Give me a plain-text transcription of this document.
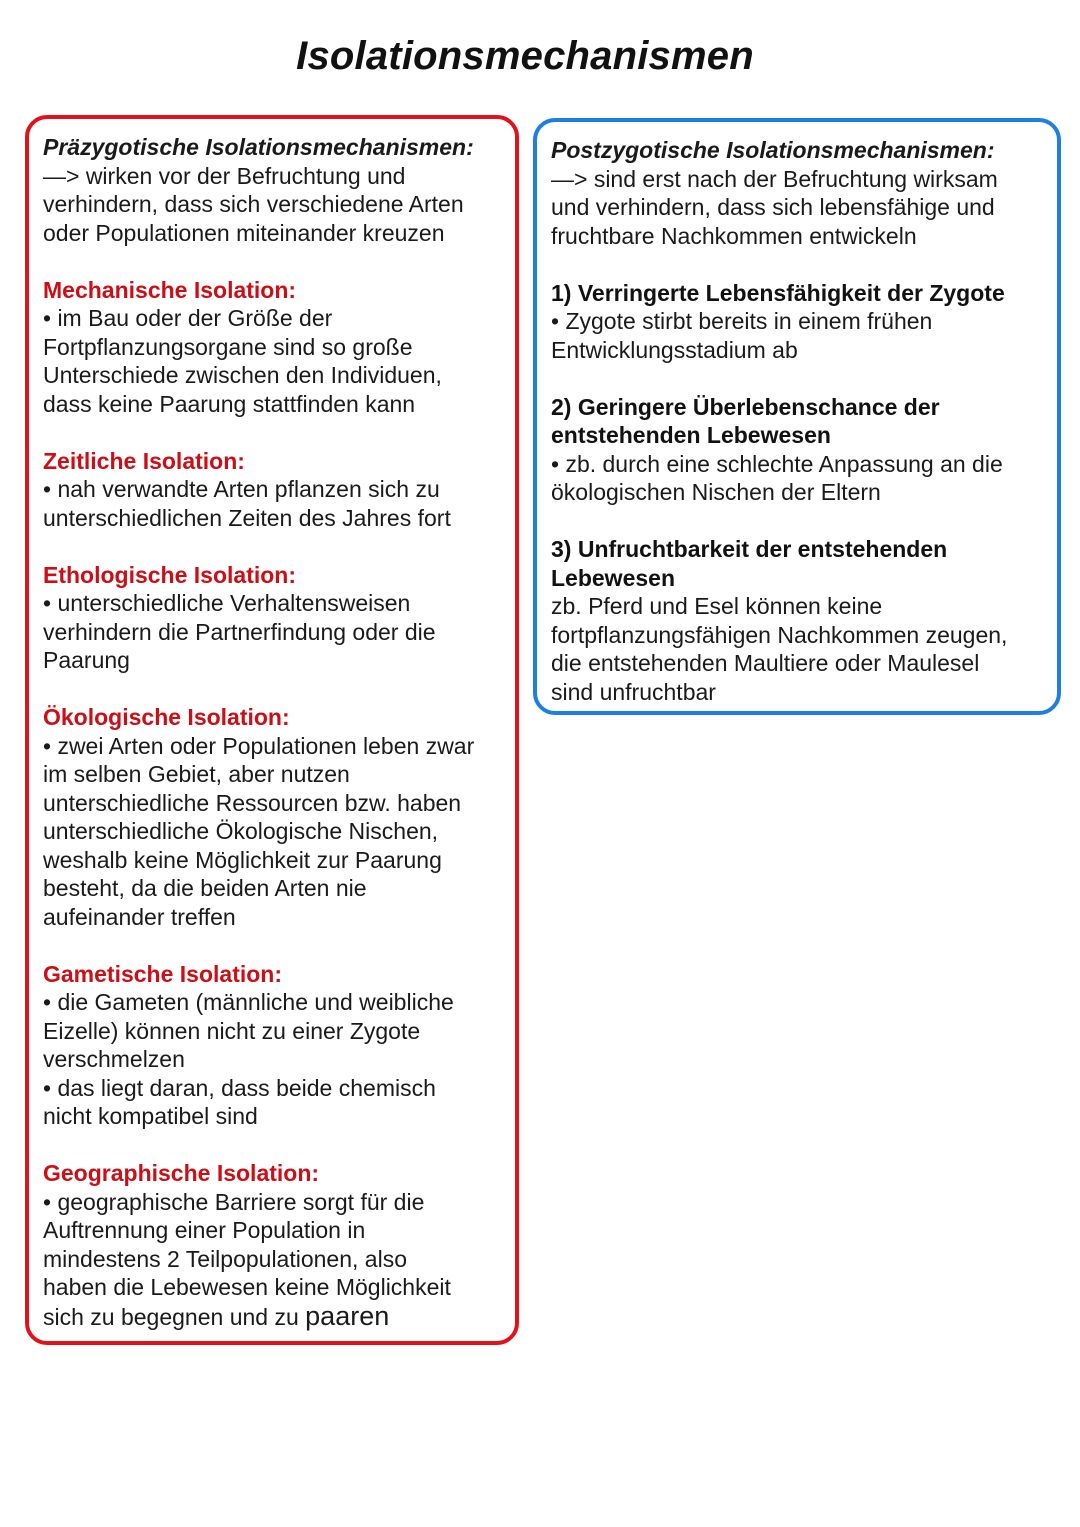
Isolationsmechanismen
Präzygotische Isolationsmechanismen:
—> wirken vor der Befruchtung und
verhindern, dass sich verschiedene Arten
oder Populationen miteinander kreuzen
Mechanische Isolation:
• im Bau oder der Größe der
Fortpflanzungsorgane sind so große
Unterschiede zwischen den Individuen,
dass keine Paarung stattfinden kann
Zeitliche Isolation:
• nah verwandte Arten pflanzen sich zu
unterschiedlichen Zeiten des Jahres fort
Ethologische Isolation:
• unterschiedliche Verhaltensweisen
verhindern die Partnerfindung oder die
Paarung
Ökologische Isolation:
• zwei Arten oder Populationen leben zwar
im selben Gebiet, aber nutzen
unterschiedliche Ressourcen bzw. haben
unterschiedliche Ökologische Nischen,
weshalb keine Möglichkeit zur Paarung
besteht, da die beiden Arten nie
aufeinander treffen
Gametische Isolation:
• die Gameten (männliche und weibliche
Eizelle) können nicht zu einer Zygote
verschmelzen
• das liegt daran, dass beide chemisch
nicht kompatibel sind
Geographische Isolation:
• geographische Barriere sorgt für die
Auftrennung einer Population in
mindestens 2 Teilpopulationen, also
haben die Lebewesen keine Möglichkeit
sich zu begegnen und zu paaren
Postzygotische Isolationsmechanismen:
—> sind erst nach der Befruchtung wirksam
und verhindern, dass sich lebensfähige und
fruchtbare Nachkommen entwickeln
1) Verringerte Lebensfähigkeit der Zygote
• Zygote stirbt bereits in einem frühen
Entwicklungsstadium ab
2) Geringere Überlebenschance der
entstehenden Lebewesen
• zb. durch eine schlechte Anpassung an die
ökologischen Nischen der Eltern
3) Unfruchtbarkeit der entstehenden
Lebewesen
zb. Pferd und Esel können keine
fortpflanzungsfähigen Nachkommen zeugen,
die entstehenden Maultiere oder Maulesel
sind unfruchtbar
